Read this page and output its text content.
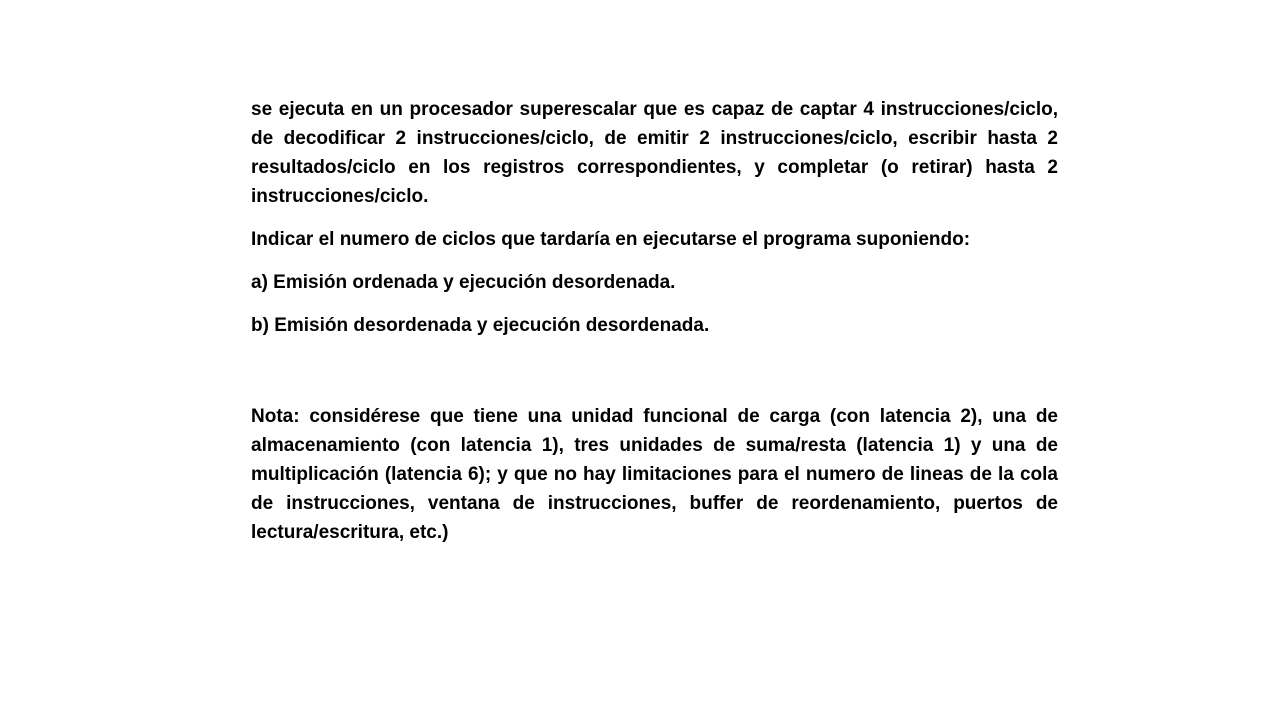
se ejecuta en un procesador superescalar que es capaz de captar 4 instrucciones/ciclo, de decodificar 2 instrucciones/ciclo, de emitir 2 instrucciones/ciclo, escribir hasta 2 resultados/ciclo en los registros correspondientes, y completar (o retirar) hasta 2 instrucciones/ciclo.

Indicar el numero de ciclos que tardaría en ejecutarse el programa suponiendo:

a) Emisión ordenada y ejecución desordenada.

b) Emisión desordenada y ejecución desordenada.

Nota: considérese que tiene una unidad funcional de carga (con latencia 2), una de almacenamiento (con latencia 1), tres unidades de suma/resta (latencia 1) y una de multiplicación (latencia 6); y que no hay limitaciones para el numero de lineas de la cola de instrucciones, ventana de instrucciones, buffer de reordenamiento, puertos de lectura/escritura, etc.)
